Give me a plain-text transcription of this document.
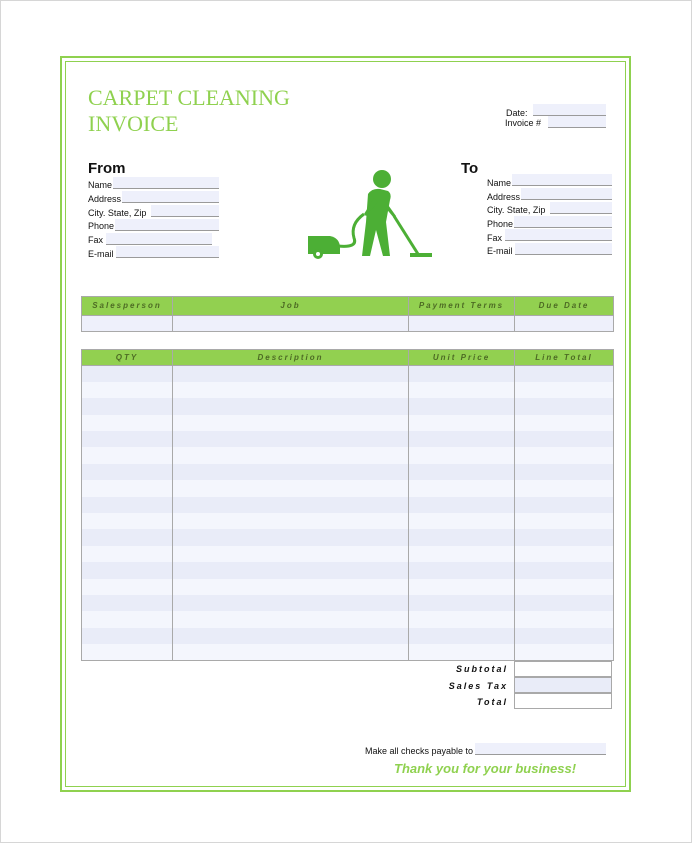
CARPET CLEANING
INVOICE	Date:
Invoice #
From
Name
Address
City. State, Zip
Phone
Fax
E-mail
To
Name
Address
City. State, Zip
Phone
Fax
E-mail
Salesperson	Job	Payment Terms	Due Date

QTY	Description	Unit Price	Line Total

Subtotal
Sales Tax
Total
Make all checks payable to
Thank you for your business!
